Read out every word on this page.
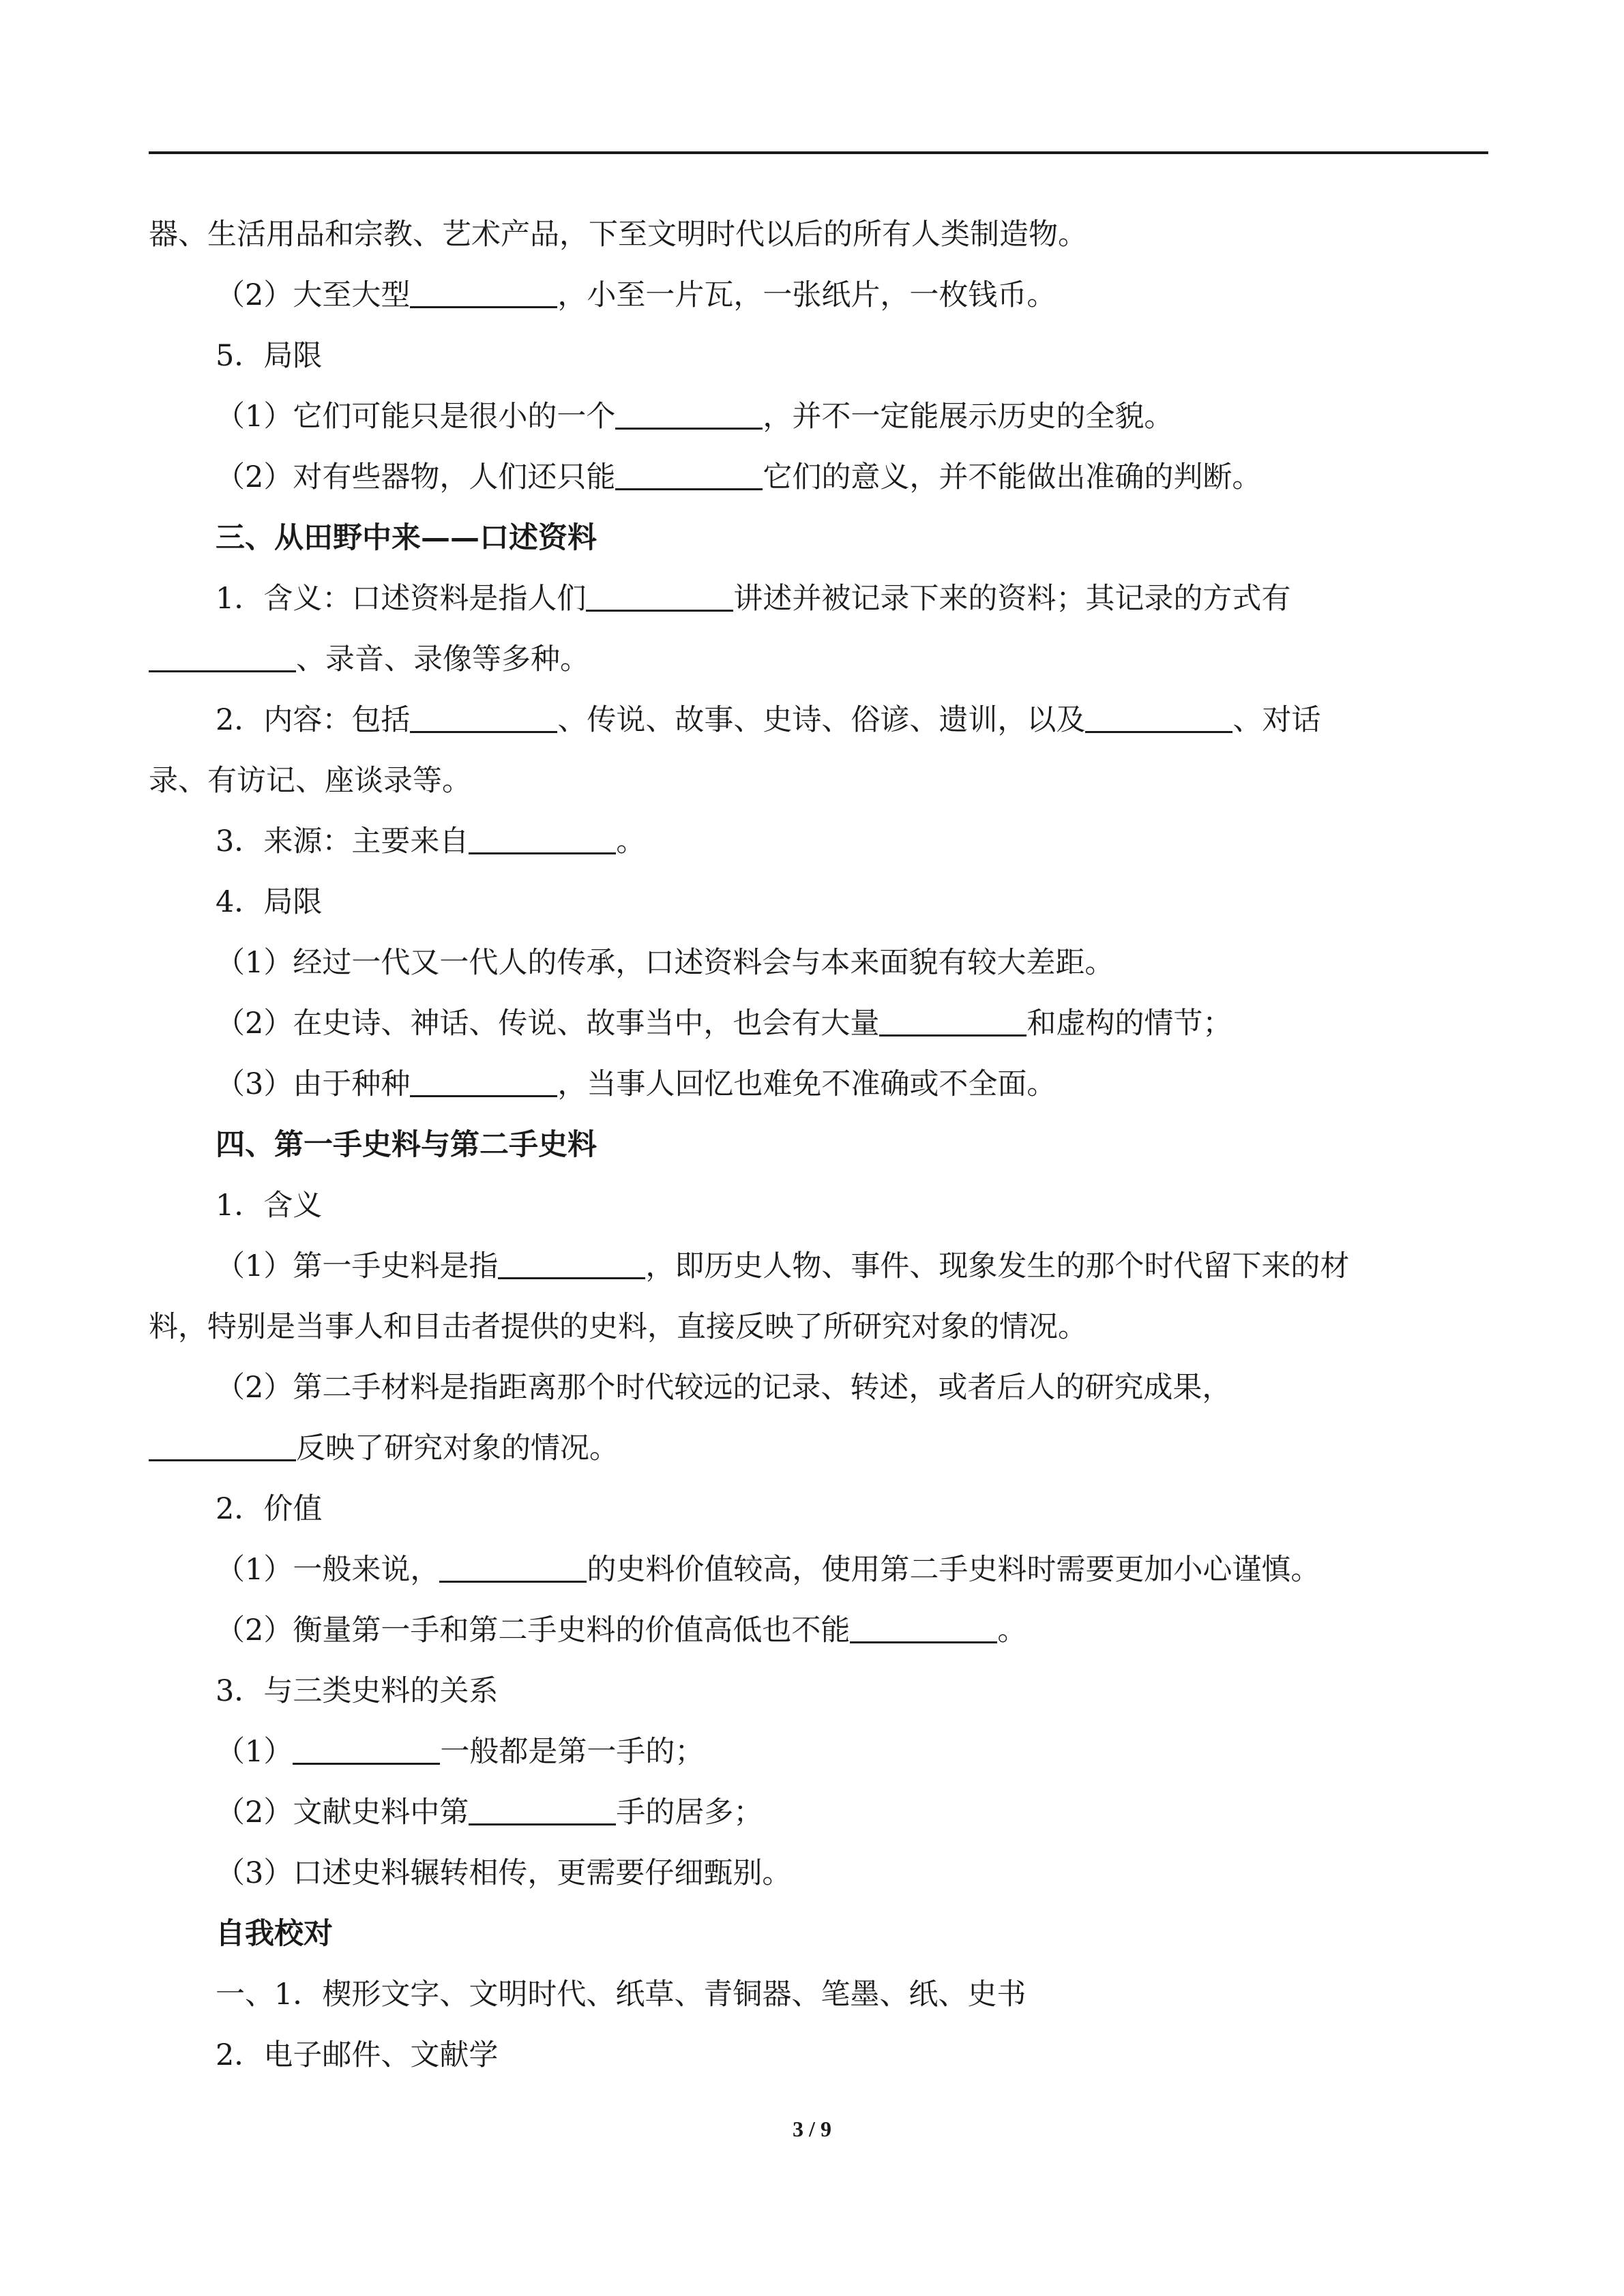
器、生活用品和宗教、艺术产品，下至文明时代以后的所有人类制造物。
（2）大至大型	，小至一片瓦，一张纸片，一枚钱币。
5．局限
（1）它们可能只是很小的一个	，并不一定能展示历史的全貌。
（2）对有些器物，人们还只能	它们的意义，并不能做出准确的判断。
三、从田野中来——口述资料
1．含义：口述资料是指人们	讲述并被记录下来的资料；其记录的方式有
、录音、录像等多种。
2．内容：包括	、传说、故事、史诗、俗谚、遗训，以及	、对话
录、有访记、座谈录等。
3．来源：主要来自	。
4．局限
（1）经过一代又一代人的传承，口述资料会与本来面貌有较大差距。
（2）在史诗、神话、传说、故事当中，也会有大量	和虚构的情节；
（3）由于种种	，当事人回忆也难免不准确或不全面。
四、第一手史料与第二手史料
1．含义
（1）第一手史料是指	，即历史人物、事件、现象发生的那个时代留下来的材
料，特别是当事人和目击者提供的史料，直接反映了所研究对象的情况。
（2）第二手材料是指距离那个时代较远的记录、转述，或者后人的研究成果，
反映了研究对象的情况。
2．价值
（1）一般来说，	的史料价值较高，使用第二手史料时需要更加小心谨慎。
（2）衡量第一手和第二手史料的价值高低也不能	。
3．与三类史料的关系
（1）	一般都是第一手的；
（2）文献史料中第	手的居多；
（3）口述史料辗转相传，更需要仔细甄别。
自我校对
一、1．楔形文字、文明时代、纸草、青铜器、笔墨、纸、史书
2．电子邮件、文献学
3 / 9
